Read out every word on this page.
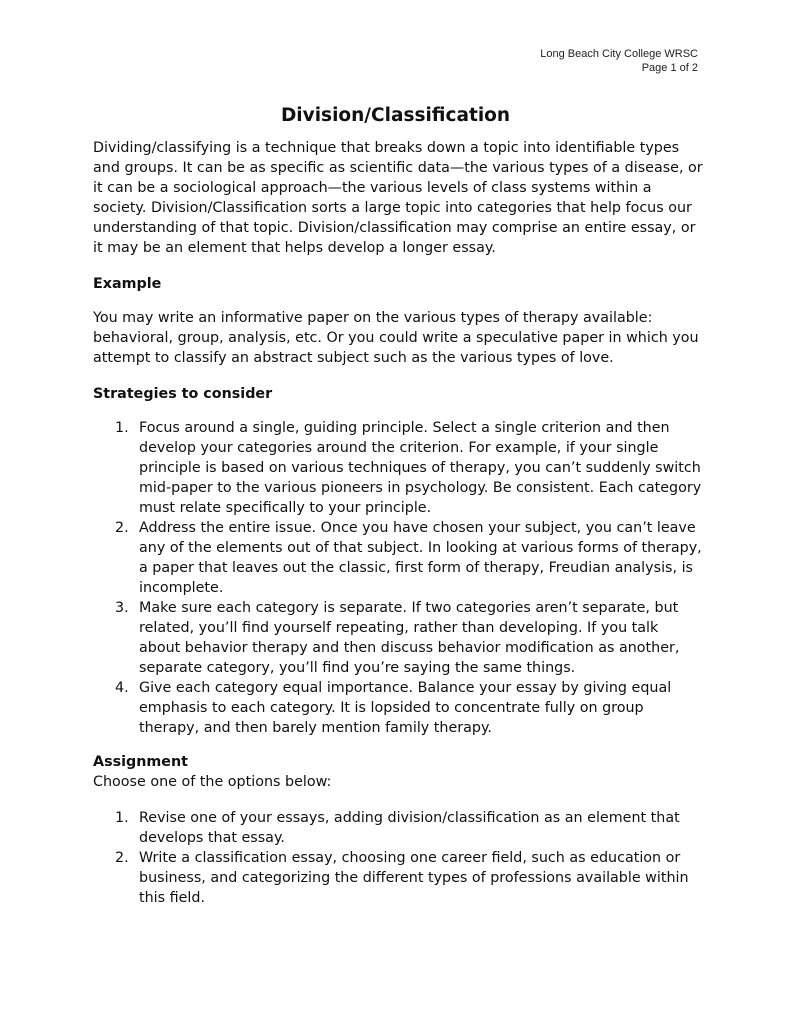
Long Beach City College WRSC
Page 1 of 2
Division/Classification

Dividing/classifying is a technique that breaks down a topic into identifiable types and groups. It can be as specific as scientific data—the various types of a disease, or it can be a sociological approach—the various levels of class systems within a society. Division/Classification sorts a large topic into categories that help focus our understanding of that topic. Division/classification may comprise an entire essay, or it may be an element that helps develop a longer essay.

Example

You may write an informative paper on the various types of therapy available: behavioral, group, analysis, etc. Or you could write a speculative paper in which you attempt to classify an abstract subject such as the various types of love.

Strategies to consider
1. Focus around a single, guiding principle. Select a single criterion and then develop your categories around the criterion. For example, if your single principle is based on various techniques of therapy, you can’t suddenly switch mid-paper to the various pioneers in psychology. Be consistent. Each category must relate specifically to your principle.
2. Address the entire issue. Once you have chosen your subject, you can’t leave any of the elements out of that subject. In looking at various forms of therapy, a paper that leaves out the classic, first form of therapy, Freudian analysis, is incomplete.
3. Make sure each category is separate. If two categories aren’t separate, but related, you’ll find yourself repeating, rather than developing. If you talk about behavior therapy and then discuss behavior modification as another, separate category, you’ll find you’re saying the same things.
4. Give each category equal importance. Balance your essay by giving equal emphasis to each category. It is lopsided to concentrate fully on group therapy, and then barely mention family therapy.
Assignment

Choose one of the options below:

1. Revise one of your essays, adding division/classification as an element that develops that essay.
2. Write a classification essay, choosing one career field, such as education or business, and categorizing the different types of professions available within this field.
